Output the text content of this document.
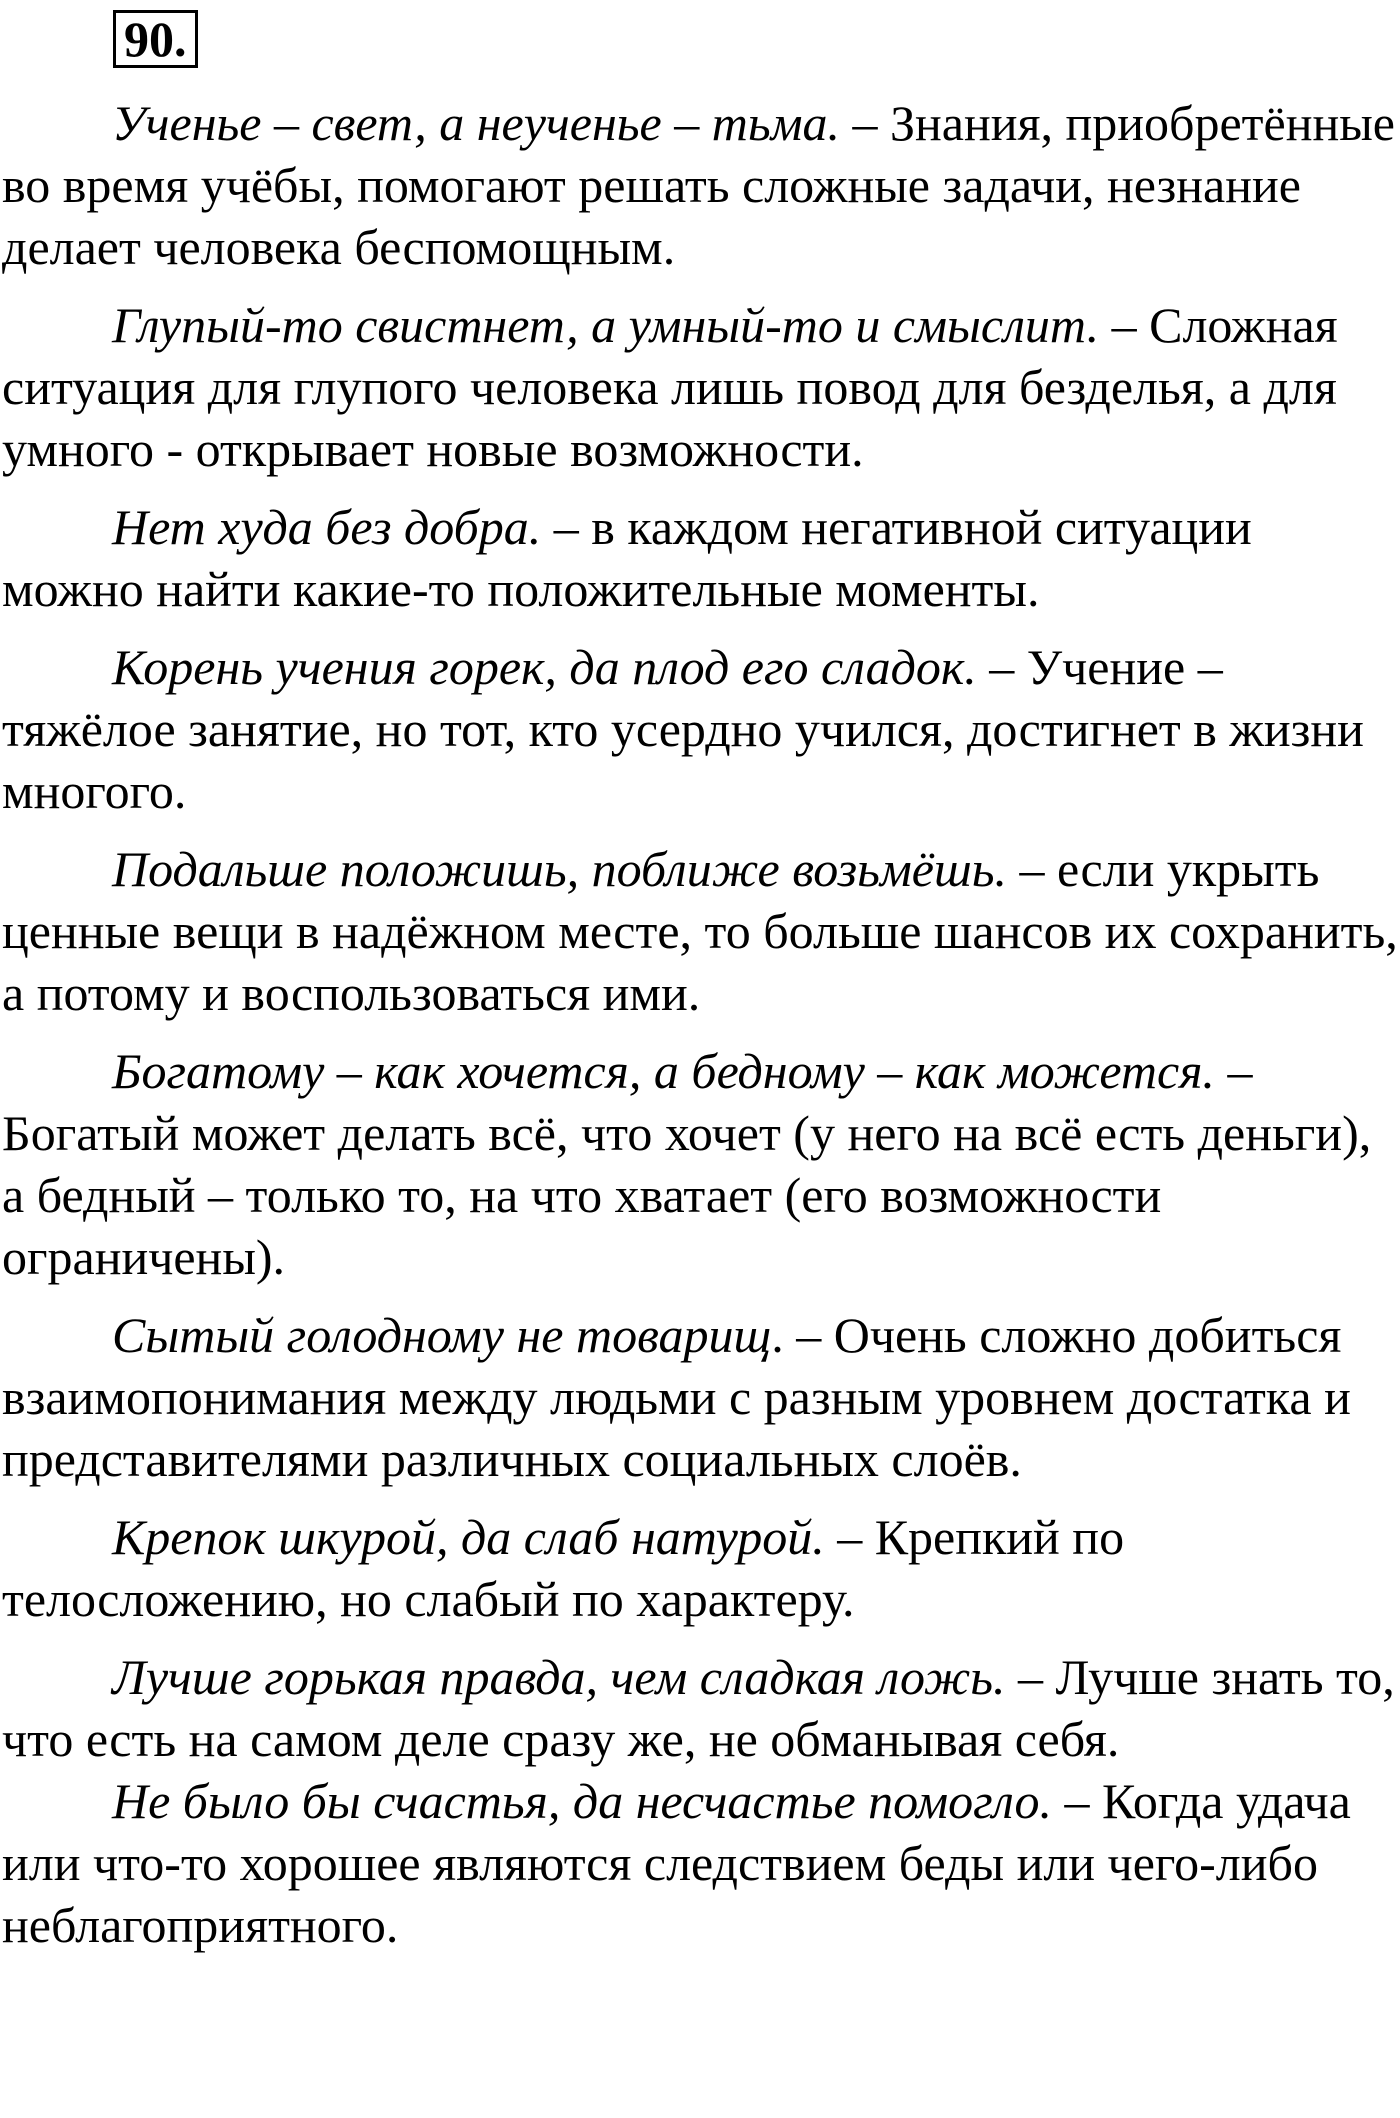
90.

Ученье – свет, а неученье – тьма. – Знания, приобретённые во время учёбы, помогают решать сложные задачи, незнание делает человека беспомощным.

Глупый-то свистнет, а умный-то и смыслит. – Сложная ситуация для глупого человека лишь повод для безделья, а для умного - открывает новые возможности.

Нет худа без добра. – в каждом негативной ситуации можно найти какие-то положительные моменты.

Корень учения горек, да плод его сладок. – Учение – тяжёлое занятие, но тот, кто усердно учился, достигнет в жизни многого.

Подальше положишь, поближе возьмёшь. – если укрыть ценные вещи в надёжном месте, то больше шансов их сохранить, а потому и воспользоваться ими.

Богатому – как хочется, а бедному – как можется. – Богатый может делать всё, что хочет (у него на всё есть деньги), а бедный – только то, на что хватает (его возможности ограничены).

Сытый голодному не товарищ. – Очень сложно добиться взаимопонимания между людьми с разным уровнем достатка и представителями различных социальных слоёв.

Крепок шкурой, да слаб натурой. – Крепкий по телосложению, но слабый по характеру.

Лучше горькая правда, чем сладкая ложь. – Лучше знать то, что есть на самом деле сразу же, не обманывая себя.

Не было бы счастья, да несчастье помогло. – Когда удача или что-то хорошее являются следствием беды или чего-либо неблагоприятного.
